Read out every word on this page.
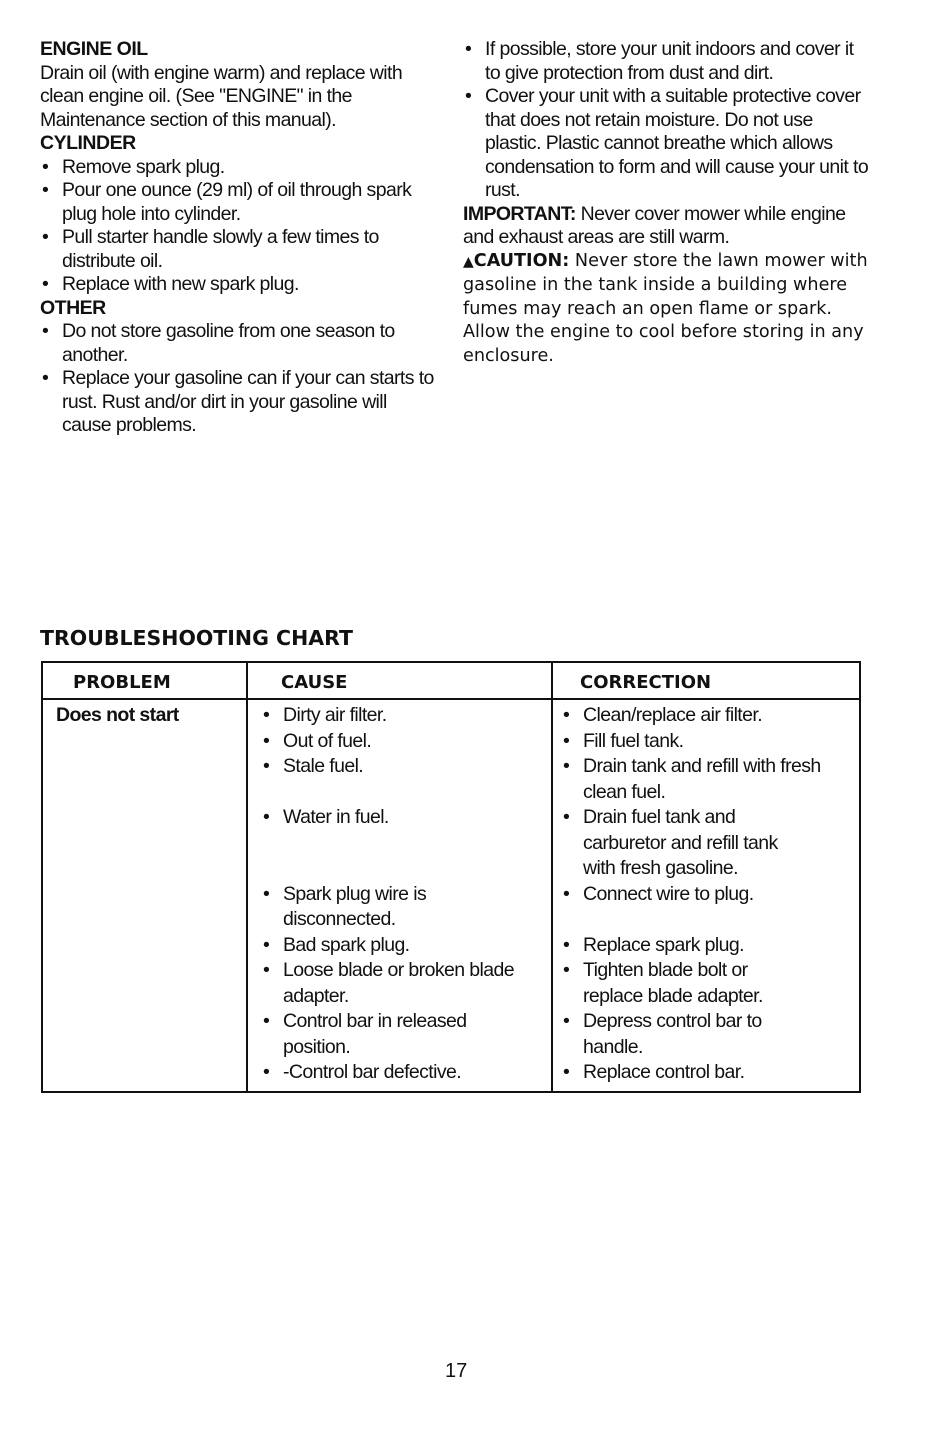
ENGINE OIL

Drain oil (with engine warm) and replace with clean engine oil. (See "ENGINE" in the Maintenance section of this manual).

CYLINDER
• Remove spark plug.
• Pour one ounce (29 ml) of oil through spark plug hole into cylinder.
• Pull starter handle slowly a few times to distribute oil.
• Replace with new spark plug.
OTHER
• Do not store gasoline from one season to another.
• Replace your gasoline can if your can starts to rust. Rust and/or dirt in your gasoline will cause problems.
• If possible, store your unit indoors and cover it to give protection from dust and dirt.
• Cover your unit with a suitable protective cover that does not retain moisture. Do not use plastic. Plastic cannot breathe which allows condensation to form and will cause your unit to rust.

IMPORTANT: Never cover mower while engine and exhaust areas are still warm.

▲CAUTION: Never store the lawn mower with gasoline in the tank inside a building where fumes may reach an open flame or spark. Allow the engine to cool before storing in any enclosure.

TROUBLESHOOTING CHART
PROBLEM	CAUSE	CORRECTION
Does not start
•	Dirty air filter.
• Out of fuel.
• Stale fuel.
• Water in fuel.
• Spark plug wire is disconnected.
• Bad spark plug.
• Loose blade or broken blade adapter.
• Control bar in released position.
• -Control bar defective.
• Clean/replace air filter.
• Fill fuel tank.
• Drain tank and refill with fresh clean fuel.
• Drain fuel tank and carburetor and refill tank with fresh gasoline.
• Connect wire to plug.
• Replace spark plug.
• Tighten blade bolt or replace blade adapter.
• Depress control bar to handle.
• Replace control bar.
17
